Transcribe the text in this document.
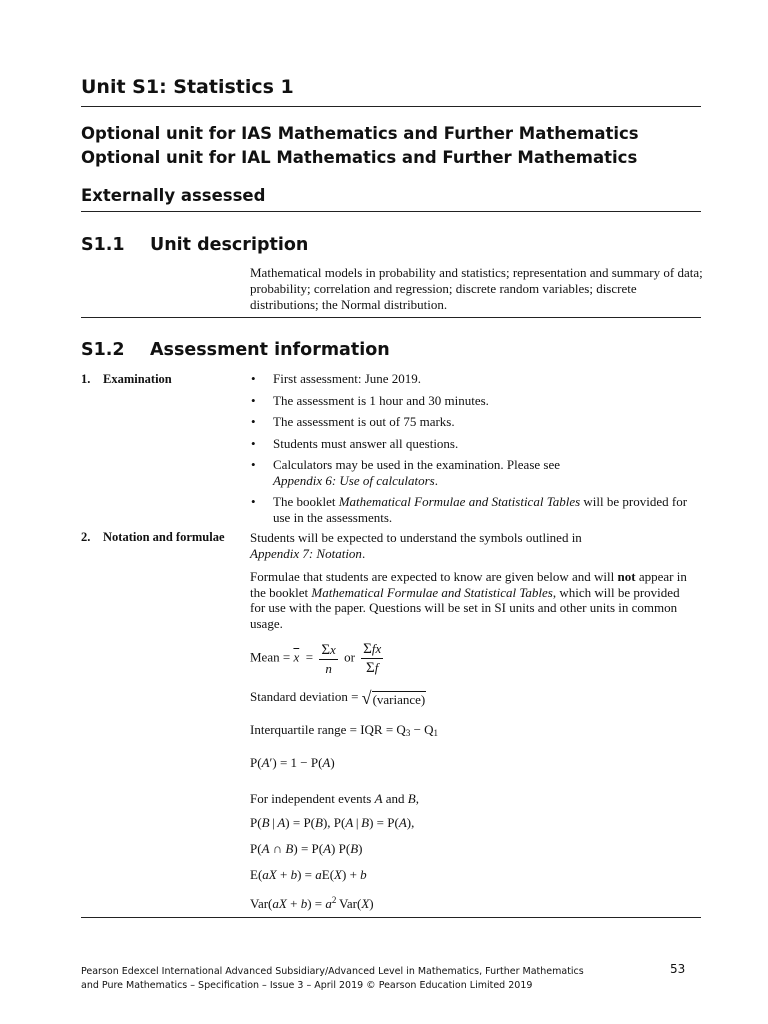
Unit S1: Statistics 1
Optional unit for IAS Mathematics and Further Mathematics
Optional unit for IAL Mathematics and Further Mathematics
Externally assessed
S1.1 Unit description
Mathematical models in probability and statistics; representation and summary of data; probability; correlation and regression; discrete random variables; discrete distributions; the Normal distribution.
S1.2 Assessment information
1. Examination	• First assessment: June 2019.
• The assessment is 1 hour and 30 minutes.
• The assessment is out of 75 marks.
• Students must answer all questions.
• Calculators may be used in the examination. Please see
Appendix 6: Use of calculators.
• The booklet Mathematical Formulae and Statistical Tables will be provided for use in the assessments.
2. Notation and formulae Students will be expected to understand the symbols outlined in
Appendix 7: Notation.
Formulae that students are expected to know are given below and will not appear in the booklet Mathematical Formulae and Statistical Tables, which will be provided for use with the paper. Questions will be set in SI units and other units in common usage.
Mean = $\overline{x} = \frac{\Sigma x}{n}$ or $\frac{\text{Σfx}}{\Sigma f}$
Standard deviation = √ (variance)
Interquartile range = IQR = $Q_3 - Q_1$
P(A′) = 1 − P(A)
For independent events A and B,
P(B | A) = P(B), P(A | B) = P(A),
P(A ∩ B) = P(A) P(B)
E(aX + b) = aE(X) + b
$Var(aX + b) = a^2$ Var(X)
Pearson Edexcel International Advanced Subsidiary/Advanced Level in Mathematics, Further Mathematics
and Pure Mathematics – Specification – Issue 3 – April 2019 © Pearson Education Limited 2019
53
